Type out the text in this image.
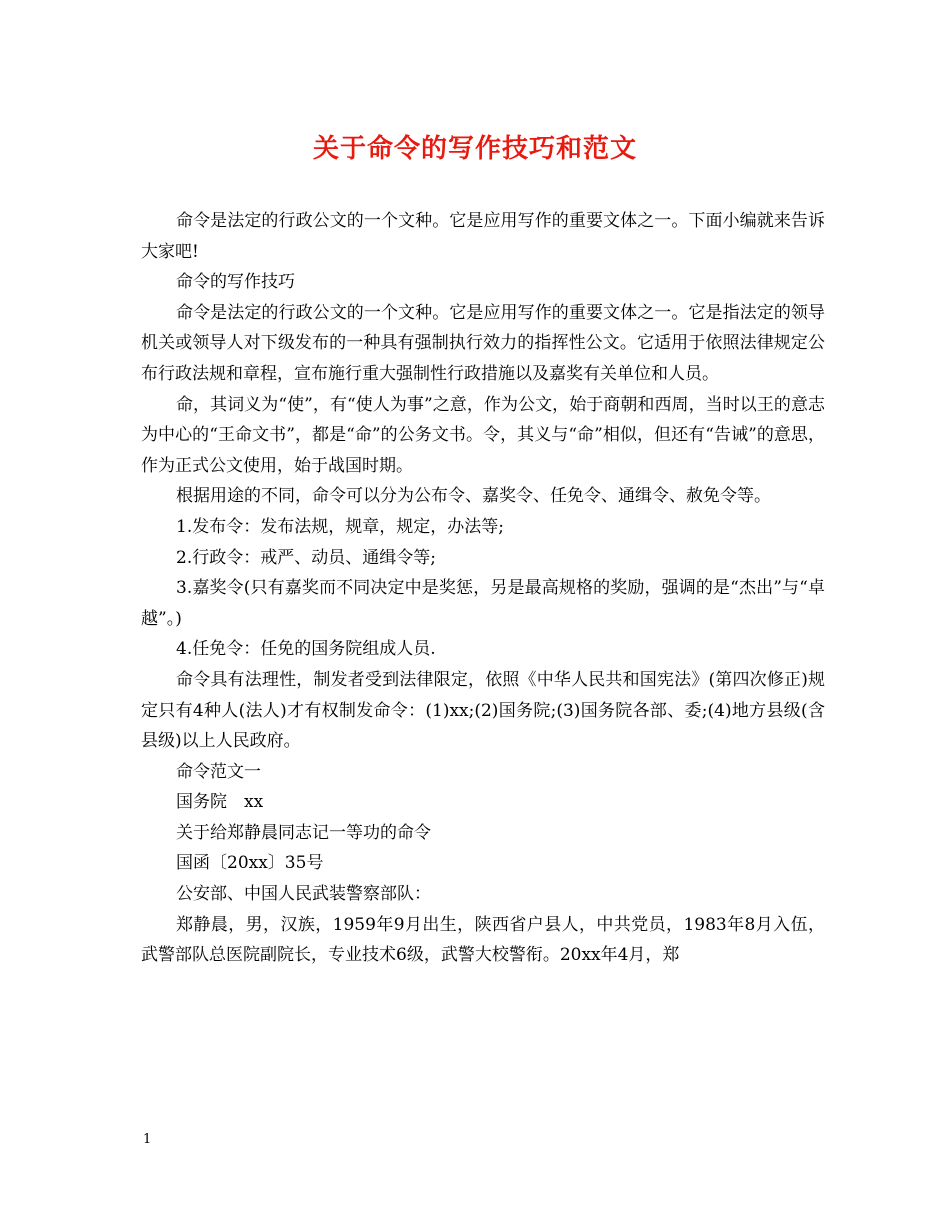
关于命令的写作技巧和范文

命令是法定的行政公文的一个文种。它是应用写作的重要文体之一。下面小编就来告诉大家吧!

命令的写作技巧

命令是法定的行政公文的一个文种。它是应用写作的重要文体之一。它是指法定的领导机关或领导人对下级发布的一种具有强制执行效力的指挥性公文。它适用于依照法律规定公布行政法规和章程，宣布施行重大强制性行政措施以及嘉奖有关单位和人员。

命，其词义为“使”，有“使人为事”之意，作为公文，始于商朝和西周，当时以王的意志为中心的“王命文书”，都是“命”的公务文书。令，其义与“命”相似，但还有“告诫”的意思，作为正式公文使用，始于战国时期。

根据用途的不同，命令可以分为公布令、嘉奖令、任免令、通缉令、赦免令等。

1.发布令：发布法规，规章，规定，办法等;

2.行政令：戒严、动员、通缉令等;

3.嘉奖令(只有嘉奖而不同决定中是奖惩，另是最高规格的奖励，强调的是“杰出”与“卓越”。)

4.任免令：任免的国务院组成人员.

命令具有法理性，制发者受到法律限定，依照《中华人民共和国宪法》(第四次修正)规定只有4种人(法人)才有权制发命令：(1)xx;(2)国务院;(3)国务院各部、委;(4)地方县级(含县级)以上人民政府。

命令范文一

国务院　xx

关于给郑静晨同志记一等功的命令

国函〔20xx〕35号

公安部、中国人民武装警察部队：

郑静晨，男，汉族，1959年9月出生，陕西省户县人，中共党员，1983年8月入伍，武警部队总医院副院长，专业技术6级，武警大校警衔。20xx年4月，郑

1
